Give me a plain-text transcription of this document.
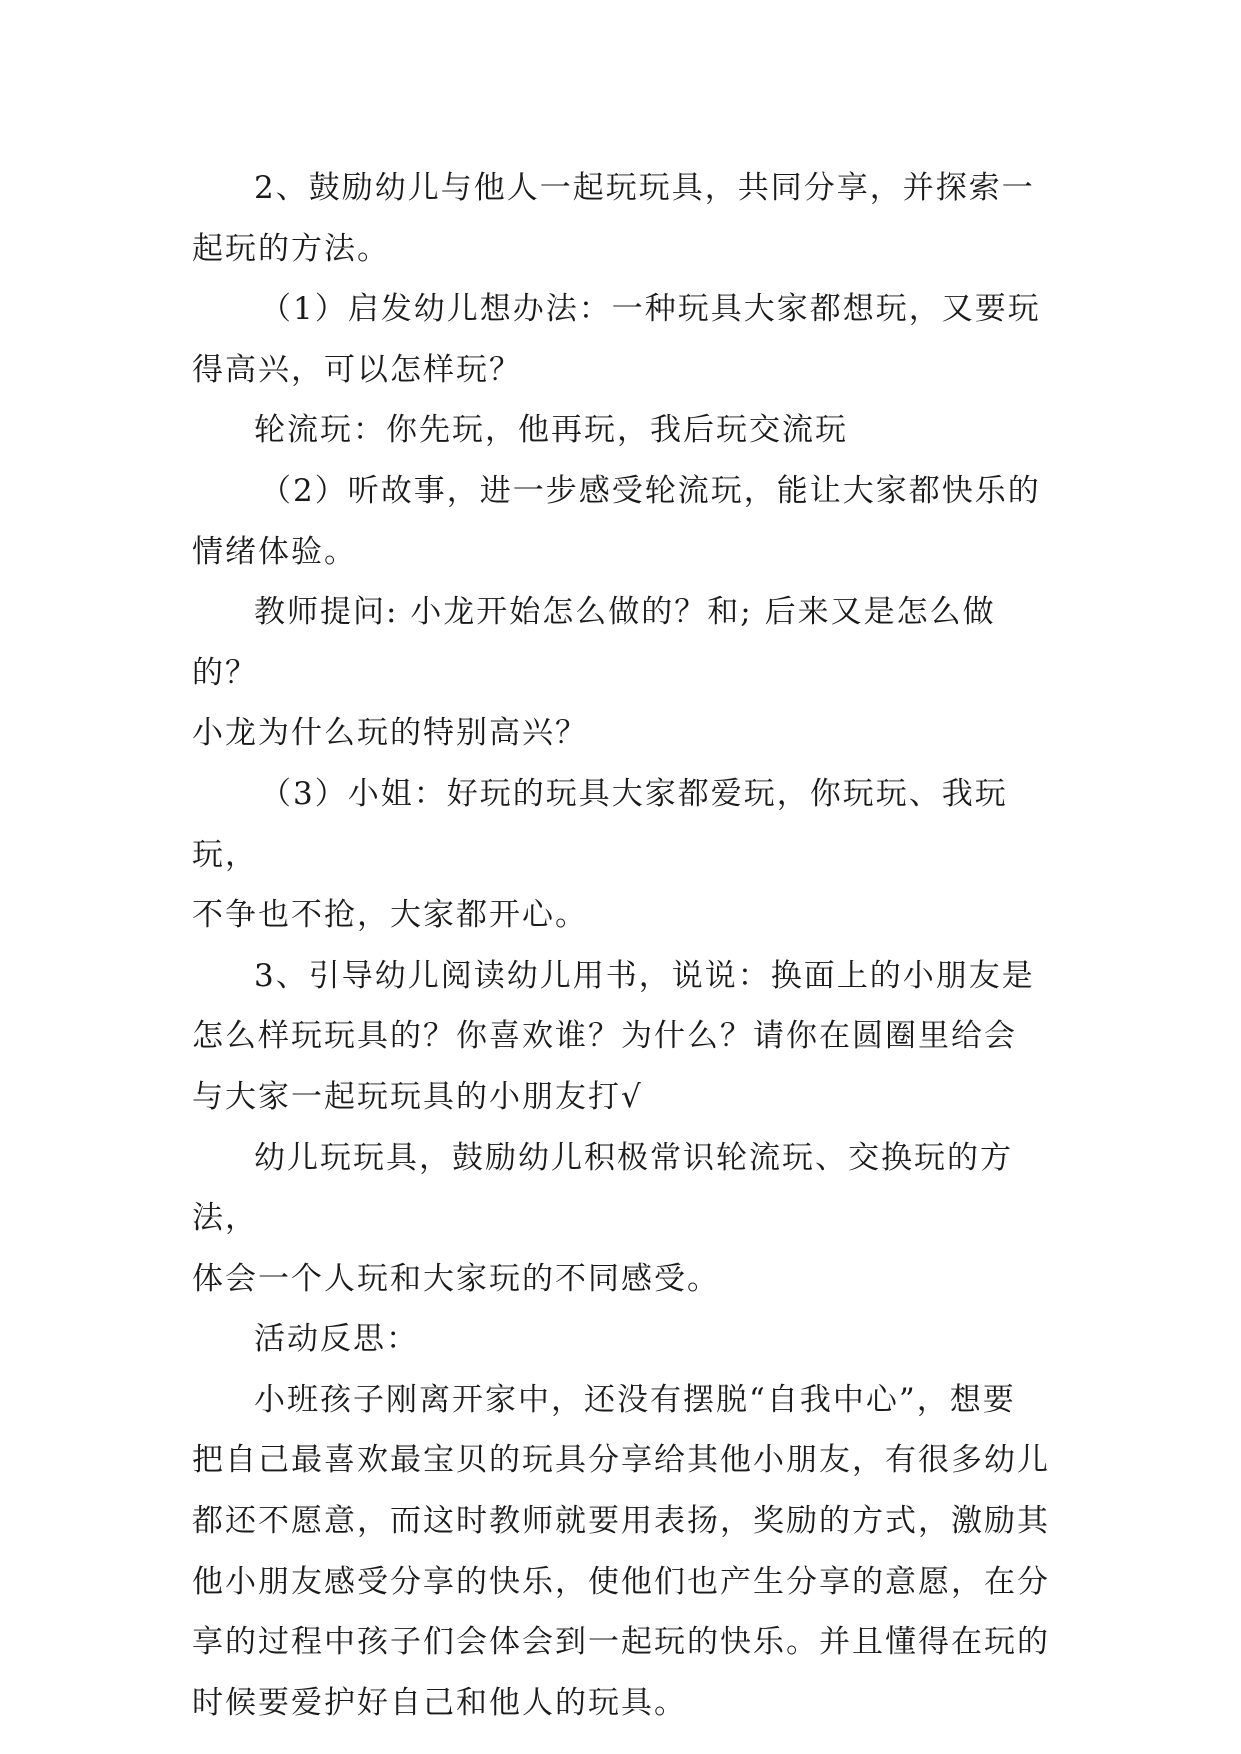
2、鼓励幼儿与他人一起玩玩具，共同分享，并探索一
起玩的方法。

（1）启发幼儿想办法：一种玩具大家都想玩，又要玩
得高兴，可以怎样玩？

轮流玩：你先玩，他再玩，我后玩交流玩

（2）听故事，进一步感受轮流玩，能让大家都快乐的
情绪体验。

教师提问: 小龙开始怎么做的？和; 后来又是怎么做的？
小龙为什么玩的特别高兴？

（3）小姐：好玩的玩具大家都爱玩，你玩玩、我玩玩，
不争也不抢，大家都开心。

3、引导幼儿阅读幼儿用书，说说：换面上的小朋友是
怎么样玩玩具的？你喜欢谁？为什么？请你在圆圈里给会
与大家一起玩玩具的小朋友打√

幼儿玩玩具，鼓励幼儿积极常识轮流玩、交换玩的方法，
体会一个人玩和大家玩的不同感受。

活动反思：

小班孩子刚离开家中，还没有摆脱“自我中心”，想要
把自己最喜欢最宝贝的玩具分享给其他小朋友，有很多幼儿
都还不愿意，而这时教师就要用表扬，奖励的方式，激励其
他小朋友感受分享的快乐，使他们也产生分享的意愿，在分
享的过程中孩子们会体会到一起玩的快乐。并且懂得在玩的
时候要爱护好自己和他人的玩具。
